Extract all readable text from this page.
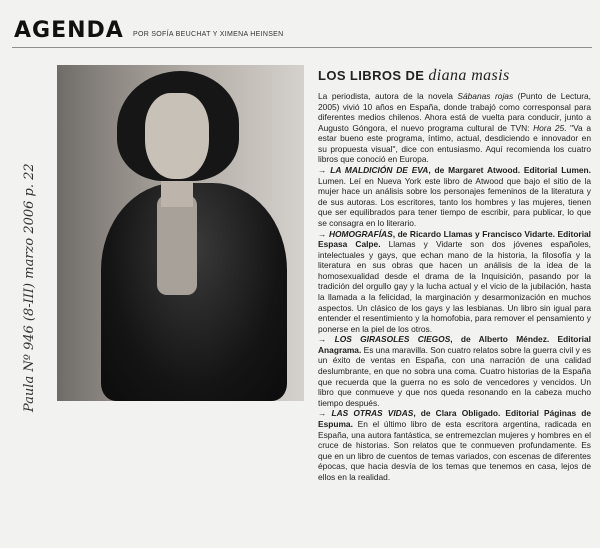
AGENDA POR SOFÍA BEUCHAT Y XIMENA HEINSEN
Paula Nº 946 (8-III) marzo 2006 p. 22
LOS LIBROS DE diana masis

La periodista, autora de la novela Sábanas rojas (Punto de Lectura, 2005) vivió 10 años en España, donde trabajó como corresponsal para diferentes medios chilenos. Ahora está de vuelta para conducir, junto a Augusto Góngora, el nuevo programa cultural de TVN: Hora 25. "Va a estar bueno este programa, íntimo, actual, desdiciendo e innovador en su propuesta visual", dice con entusiasmo. Aquí recomienda los cuatro libros que conoció en Europa.

→ LA MALDICIÓN DE EVA, de Margaret Atwood. Editorial Lumen. Lumen. Leí en Nueva York este libro de Atwood que bajo el sitio de la mujer hace un análisis sobre los personajes femeninos de la literatura y de sus autoras. Los escritores, tanto los hombres y las mujeres, tienen que ser equilibrados para tener tiempo de escribir, para publicar, lo que se consagra en lo literario.

→ HOMOGRAFÍAS, de Ricardo Llamas y Francisco Vidarte. Editorial Espasa Calpe. Llamas y Vidarte son dos jóvenes españoles, intelectuales y gays, que echan mano de la historia, la filosofía y la literatura en sus obras que hacen un análisis de la idea de la homosexualidad desde el drama de la Inquisición, pasando por la tradición del orgullo gay y la lucha actual y el vicio de la jubilación, hasta la llamada a la felicidad, la marginación y desarmonización en muchos aspectos. Un clásico de los gays y las lesbianas. Un libro sin igual para entender el resentimiento y la homofobia, para remover el pensamiento y ponerse en la piel de los otros.

→ LOS GIRASOLES CIEGOS, de Alberto Méndez. Editorial Anagrama. Es una maravilla. Son cuatro relatos sobre la guerra civil y es un éxito de ventas en España, con una narración de una calidad deslumbrante, en que no sobra una coma. Cuatro historias de la España que recuerda que la guerra no es solo de vencedores y vencidos. Un libro que conmueve y que nos queda resonando en la cabeza mucho tiempo después.

→ LAS OTRAS VIDAS, de Clara Obligado. Editorial Páginas de Espuma. En el último libro de esta escritora argentina, radicada en España, una autora fantástica, se entremezclan mujeres y hombres en el cruce de historias. Son relatos que te conmueven profundamente. Es que en un libro de cuentos de temas variados, con escenas de diferentes épocas, que hacia desvía de los temas que tenemos en casa, lejos de ellos en la realidad.
